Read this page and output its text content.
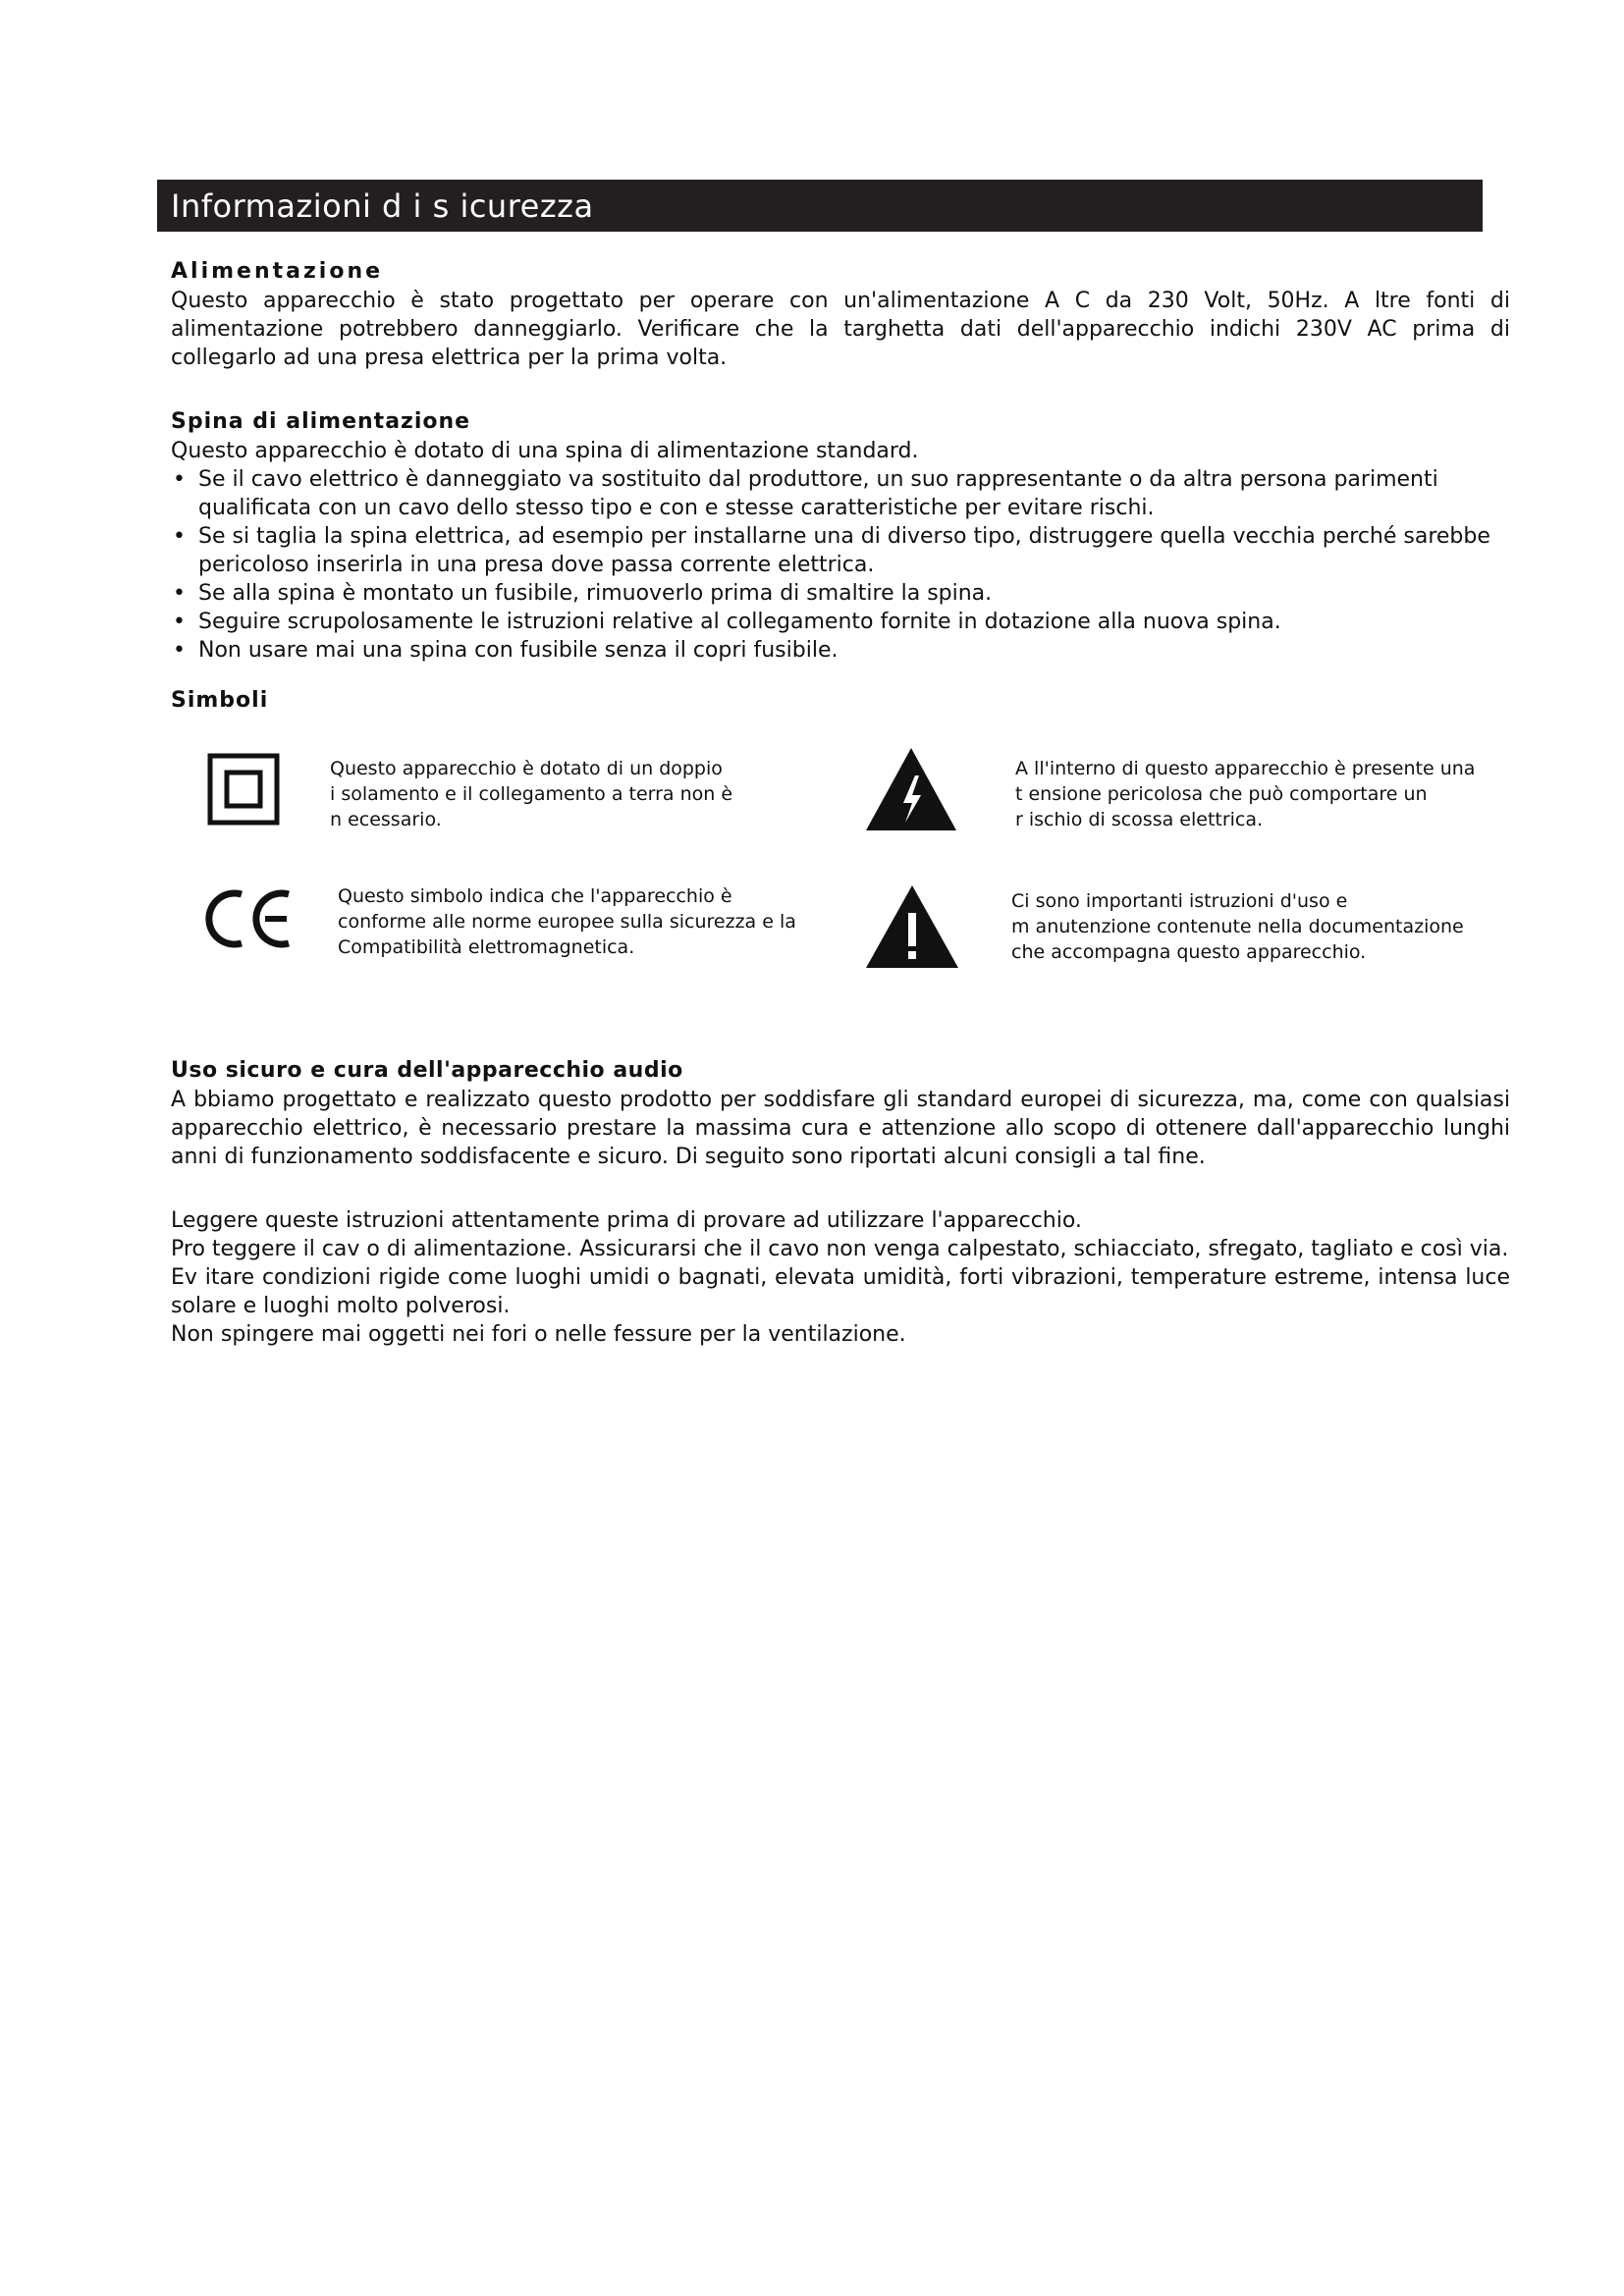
Informazioni d i s icurezza
Alimentazione

Questo apparecchio è stato progettato per operare con un'alimentazione A C da 230 Volt, 50Hz. A ltre fonti di alimentazione potrebbero danneggiarlo. Verificare che la targhetta dati dell'apparecchio indichi 230V AC prima di collegarlo ad una presa elettrica per la prima volta.

Spina di alimentazione

Questo apparecchio è dotato di una spina di alimentazione standard.

• Se il cavo elettrico è danneggiato va sostituito dal produttore, un suo rappresentante o da altra persona parimenti qualificata con un cavo dello stesso tipo e con e stesse caratteristiche per evitare rischi.
• Se si taglia la spina elettrica, ad esempio per installarne una di diverso tipo, distruggere quella vecchia perché sarebbe pericoloso inserirla in una presa dove passa corrente elettrica.
• Se alla spina è montato un fusibile, rimuoverlo prima di smaltire la spina.
• Seguire scrupolosamente le istruzioni relative al collegamento fornite in dotazione alla nuova spina.
• Non usare mai una spina con fusibile senza il copri fusibile.
Simboli
Questo apparecchio è dotato di un doppio
i solamento e il collegamento a terra non è
n ecessario.
Questo simbolo indica che l'apparecchio è
conforme alle norme europee sulla sicurezza e la
Compatibilità elettromagnetica.
A ll'interno di questo apparecchio è presente una
t ensione pericolosa che può comportare un
r ischio di scossa elettrica.
Ci sono importanti istruzioni d'uso e
m anutenzione contenute nella documentazione
che accompagna questo apparecchio.
Uso sicuro e cura dell'apparecchio audio

A bbiamo progettato e realizzato questo prodotto per soddisfare gli standard europei di sicurezza, ma, come con qualsiasi apparecchio elettrico, è necessario prestare la massima cura e attenzione allo scopo di ottenere dall'apparecchio lunghi anni di funzionamento soddisfacente e sicuro. Di seguito sono riportati alcuni consigli a tal fine.

Leggere queste istruzioni attentamente prima di provare ad utilizzare l'apparecchio.

Pro teggere il cav o di alimentazione. Assicurarsi che il cavo non venga calpestato, schiacciato, sfregato, tagliato e così via.

Ev itare condizioni rigide come luoghi umidi o bagnati, elevata umidità, forti vibrazioni, temperature estreme, intensa luce solare e luoghi molto polverosi.

Non spingere mai oggetti nei fori o nelle fessure per la ventilazione.
